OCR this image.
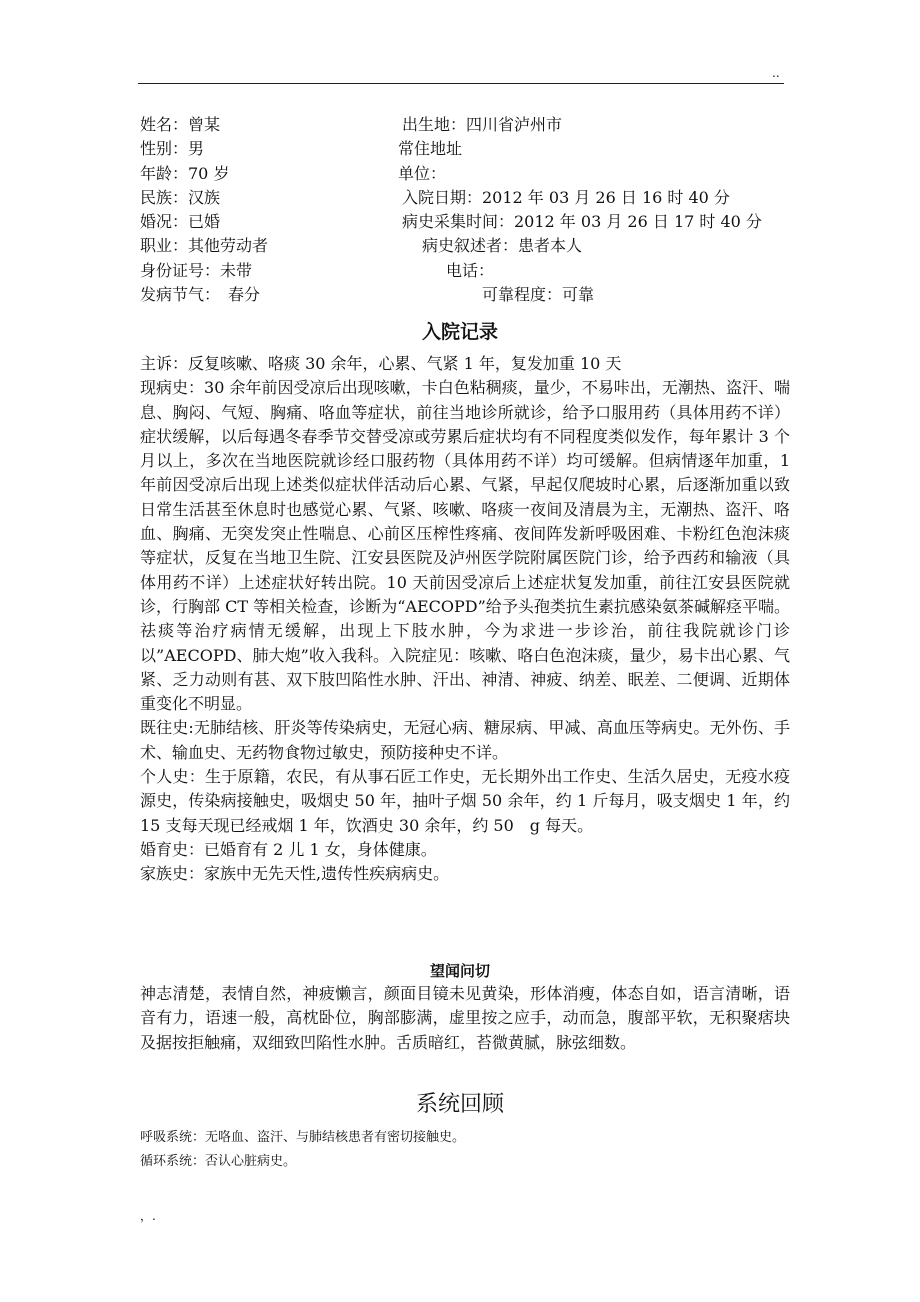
..
姓名：曾某	出生地：四川省泸州市
性别：男	常住地址
年龄：70 岁	单位：
民族：汉族	入院日期：2012 年 03 月 26 日 16 时 40 分
婚况：已婚	病史采集时间：2012 年 03 月 26 日 17 时 40 分
职业：其他劳动者	病史叙述者：患者本人
身份证号：未带	电话：
发病节气：　春分	可靠程度：可靠
入院记录

主诉：反复咳嗽、咯痰 30 余年，心累、气紧 1 年，复发加重 10 天

现病史：30 余年前因受凉后出现咳嗽，卡白色粘稠痰，量少，不易咔出，无潮热、盗汗、喘息、胸闷、气短、胸痛、咯血等症状，前往当地诊所就诊，给予口服用药（具体用药不详）症状缓解，以后每遇冬春季节交替受凉或劳累后症状均有不同程度类似发作，每年累计 3 个月以上，多次在当地医院就诊经口服药物（具体用药不详）均可缓解。但病情逐年加重，1 年前因受凉后出现上述类似症状伴活动后心累、气紧，早起仅爬坡时心累，后逐渐加重以致日常生活甚至休息时也感觉心累、气紧、咳嗽、咯痰一夜间及清晨为主，无潮热、盗汗、咯血、胸痛、无突发突止性喘息、心前区压榨性疼痛、夜间阵发新呼吸困难、卡粉红色泡沫痰等症状，反复在当地卫生院、江安县医院及泸州医学院附属医院门诊，给予西药和输液（具体用药不详）上述症状好转出院。10 天前因受凉后上述症状复发加重，前往江安县医院就诊，行胸部 CT 等相关检查，诊断为“AECOPD”给予头孢类抗生素抗感染氨茶碱解痉平喘。祛痰等治疗病情无缓解，出现上下肢水肿，今为求进一步诊治，前往我院就诊门诊以”AECOPD、肺大炮”收入我科。入院症见：咳嗽、咯白色泡沫痰，量少，易卡出心累、气紧、乏力动则有甚、双下肢凹陷性水肿、汗出、神清、神疲、纳差、眠差、二便调、近期体重变化不明显。

既往史:无肺结核、肝炎等传染病史，无冠心病、糖尿病、甲减、高血压等病史。无外伤、手术、输血史、无药物食物过敏史，预防接种史不详。

个人史：生于原籍，农民，有从事石匠工作史，无长期外出工作史、生活久居史，无疫水疫源史，传染病接触史，吸烟史 50 年，抽叶子烟 50 余年，约 1 斤每月，吸支烟史 1 年，约 15 支每天现已经戒烟 1 年，饮酒史 30 余年，约 50　g 每天。

婚育史：已婚育有 2 儿 1 女，身体健康。

家族史：家族中无先天性,遗传性疾病病史。

望闻问切

神志清楚，表情自然，神疲懒言，颜面目镜未见黄染，形体消瘦，体态自如，语言清晰，语音有力，语速一般，高枕卧位，胸部膨满，虚里按之应手，动而急，腹部平软，无积聚痞块及据按拒触痛，双细致凹陷性水肿。舌质暗红，苔微黄腻，脉弦细数。

系统回顾

呼吸系统：无咯血、盗汗、与肺结核患者有密切接触史。

循环系统：否认心脏病史。

，.
